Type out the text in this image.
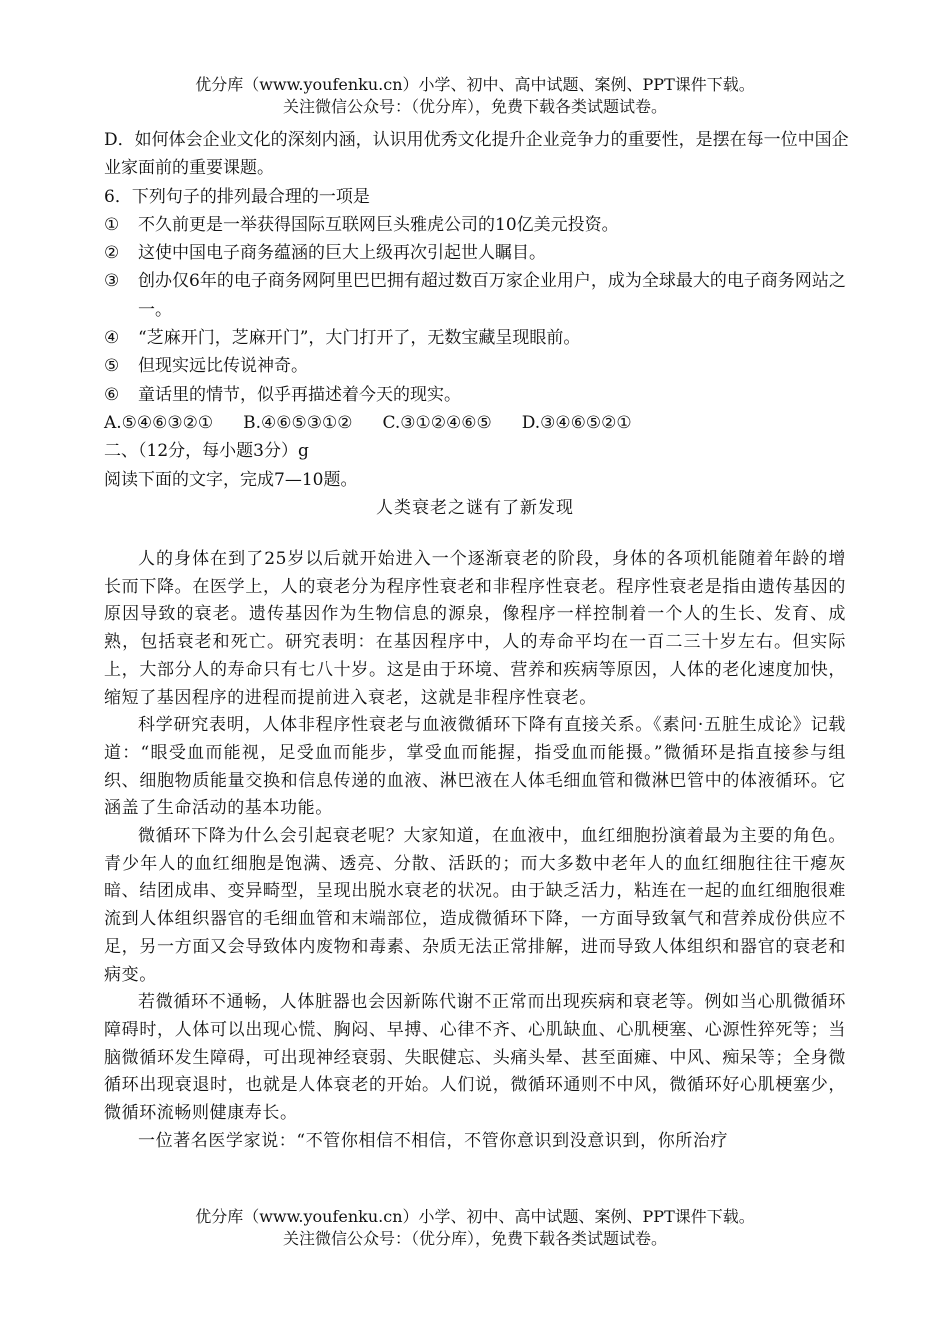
优分库（www.youfenku.cn）小学、初中、高中试题、案例、PPT课件下载。
关注微信公众号：（优分库），免费下载各类试题试卷。

D．如何体会企业文化的深刻内涵，认识用优秀文化提升企业竞争力的重要性，是摆在每一位中国企业家面前的重要课题。

6．下列句子的排列最合理的一项是

①	不久前更是一举获得国际互联网巨头雅虎公司的10亿美元投资。
②	这使中国电子商务蕴涵的巨大上级再次引起世人瞩目。
③	创办仅6年的电子商务网阿里巴巴拥有超过数百万家企业用户，成为全球最大的电子商务网站之一。
④	“芝麻开门，芝麻开门”，大门打开了，无数宝藏呈现眼前。
⑤	但现实远比传说神奇。
⑥	童话里的情节，似乎再描述着今天的现实。
A.⑤④⑥③②① B.④⑥⑤③①② C.③①②④⑥⑤ D.③④⑥⑤②①

二、（12分，每小题3分）g

阅读下面的文字，完成7—10题。

人类衰老之谜有了新发现

人的身体在到了25岁以后就开始进入一个逐渐衰老的阶段，身体的各项机能随着年龄的增长而下降。在医学上，人的衰老分为程序性衰老和非程序性衰老。程序性衰老是指由遗传基因的原因导致的衰老。遗传基因作为生物信息的源泉，像程序一样控制着一个人的生长、发育、成熟，包括衰老和死亡。研究表明：在基因程序中，人的寿命平均在一百二三十岁左右。但实际上，大部分人的寿命只有七八十岁。这是由于环境、营养和疾病等原因，人体的老化速度加快，缩短了基因程序的进程而提前进入衰老，这就是非程序性衰老。

科学研究表明，人体非程序性衰老与血液微循环下降有直接关系。《素问·五脏生成论》记载道：“眼受血而能视，足受血而能步，掌受血而能握，指受血而能摄。”微循环是指直接参与组织、细胞物质能量交换和信息传递的血液、淋巴液在人体毛细血管和微淋巴管中的体液循环。它涵盖了生命活动的基本功能。

微循环下降为什么会引起衰老呢？大家知道，在血液中，血红细胞扮演着最为主要的角色。青少年人的血红细胞是饱满、透亮、分散、活跃的；而大多数中老年人的血红细胞往往干瘪灰暗、结团成串、变异畸型，呈现出脱水衰老的状况。由于缺乏活力，粘连在一起的血红细胞很难流到人体组织器官的毛细血管和末端部位，造成微循环下降，一方面导致氧气和营养成份供应不足，另一方面又会导致体内废物和毒素、杂质无法正常排解，进而导致人体组织和器官的衰老和病变。

若微循环不通畅，人体脏器也会因新陈代谢不正常而出现疾病和衰老等。例如当心肌微循环障碍时，人体可以出现心慌、胸闷、早搏、心律不齐、心肌缺血、心肌梗塞、心源性猝死等；当脑微循环发生障碍，可出现神经衰弱、失眠健忘、头痛头晕、甚至面瘫、中风、痴呆等；全身微循环出现衰退时，也就是人体衰老的开始。人们说，微循环通则不中风，微循环好心肌梗塞少，微循环流畅则健康寿长。

一位著名医学家说：“不管你相信不相信，不管你意识到没意识到，你所治疗

优分库（www.youfenku.cn）小学、初中、高中试题、案例、PPT课件下载。
关注微信公众号：（优分库），免费下载各类试题试卷。
